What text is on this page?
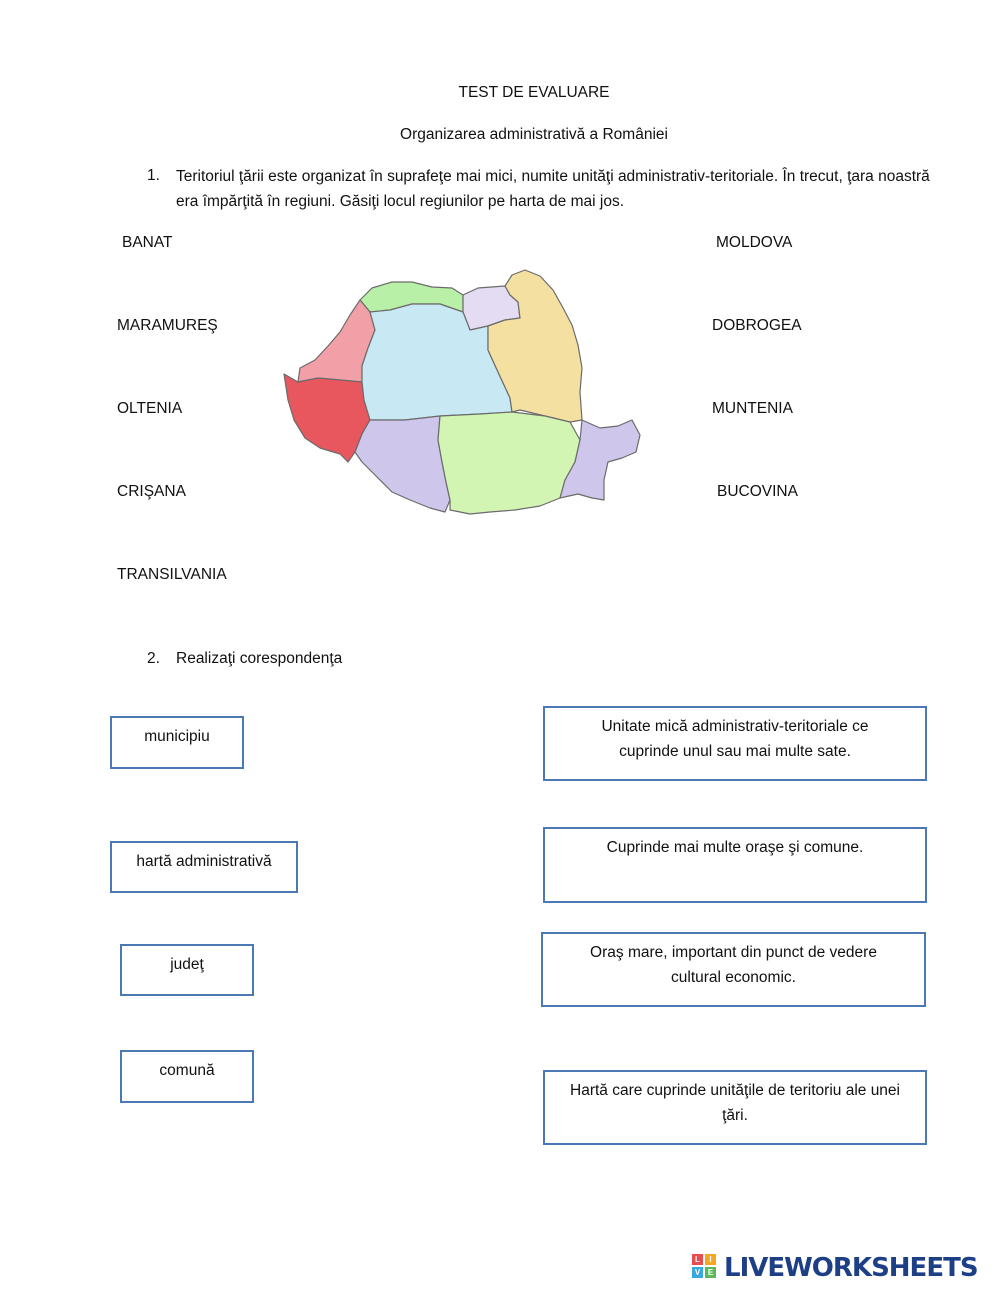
TEST DE EVALUARE
Organizarea administrativă a României
1. Teritoriul ţării este organizat în suprafeţe mai mici, numite unităţi administrativ-teritoriale. În trecut, ţara noastră era împărţită în regiuni. Găsiţi locul regiunilor pe harta de mai jos.
BANAT
MARAMUREŞ
OLTENIA
CRIŞANA
TRANSILVANIA
MOLDOVA
DOBROGEA
MUNTENIA
BUCOVINA
2. Realizaţi corespondenţa
municipiu
hartă administrativă
judeţ
comună
Unitate mică administrativ-teritoriale ce cuprinde unul sau mai multe sate.
Cuprinde mai multe oraşe şi comune.
Oraş mare, important din punct de vedere cultural economic.
Hartă care cuprinde unităţile de teritoriu ale unei ţări.
L	I
V E LIVEWORKSHEETS
